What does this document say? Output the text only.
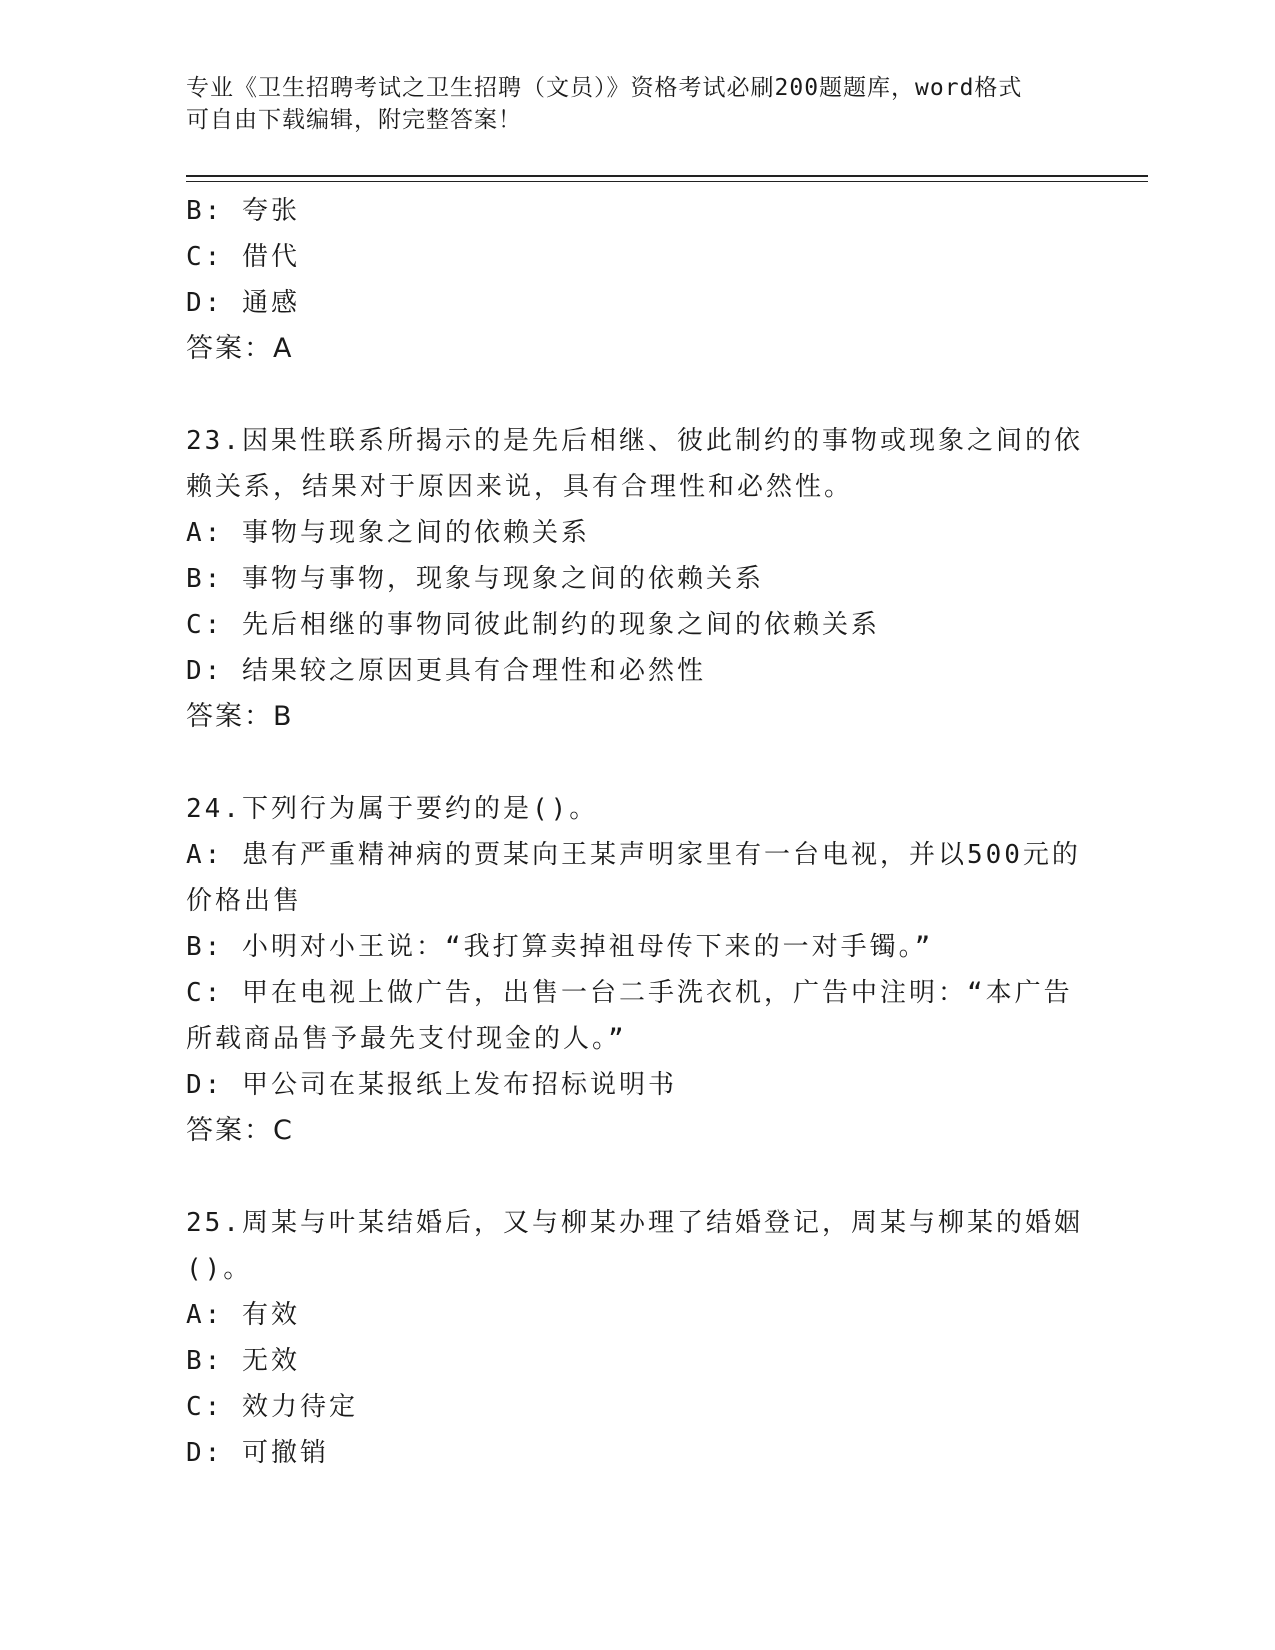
专业《卫生招聘考试之卫生招聘（文员）》资格考试必刷200题题库，word格式
可自由下载编辑，附完整答案！
B: 夸张
C: 借代
D: 通感
答案：A
23.因果性联系所揭示的是先后相继、彼此制约的事物或现象之间的依
赖关系，结果对于原因来说，具有合理性和必然性。
A: 事物与现象之间的依赖关系
B: 事物与事物，现象与现象之间的依赖关系
C: 先后相继的事物同彼此制约的现象之间的依赖关系
D: 结果较之原因更具有合理性和必然性
答案：B
24.下列行为属于要约的是()。
A: 患有严重精神病的贾某向王某声明家里有一台电视，并以500元的
价格出售
B: 小明对小王说：“我打算卖掉祖母传下来的一对手镯。”
C: 甲在电视上做广告，出售一台二手洗衣机，广告中注明：“本广告
所载商品售予最先支付现金的人。”
D: 甲公司在某报纸上发布招标说明书
答案：C
25.周某与叶某结婚后，又与柳某办理了结婚登记，周某与柳某的婚姻
()。
A: 有效
B: 无效
C: 效力待定
D: 可撤销
